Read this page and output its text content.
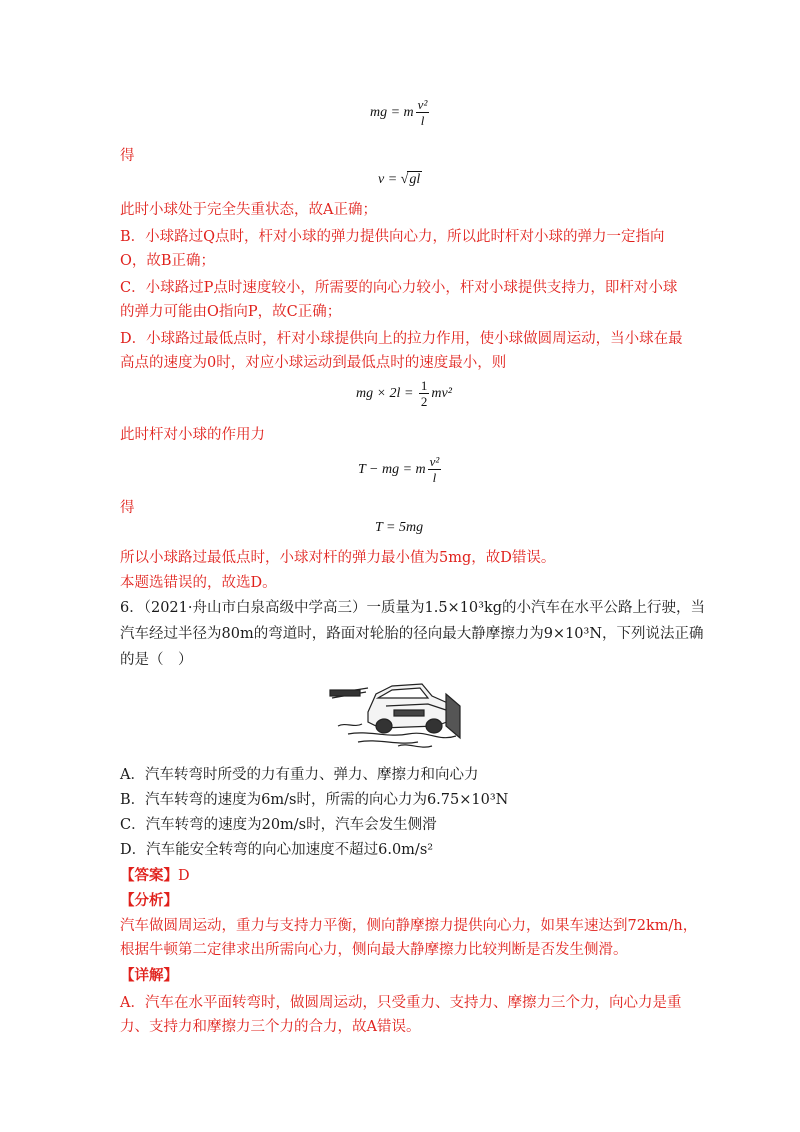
mg = m $\frac{\text{v²}}{l}$
得
v = √gl
此时小球处于完全失重状态，故A正确；
B．小球路过Q点时，杆对小球的弹力提供向心力，所以此时杆对小球的弹力一定指向
O，故B正确；
C．小球路过P点时速度较小，所需要的向心力较小，杆对小球提供支持力，即杆对小球
的弹力可能由O指向P，故C正确；
D．小球路过最低点时，杆对小球提供向上的拉力作用，使小球做圆周运动，当小球在最
高点的速度为0时，对应小球运动到最低点时的速度最小，则
mg × $2l = \frac{1}{2} mv^2$
此时杆对小球的作用力
T − mg = m $\frac{\text{v²}}{l}$
得
T = 5mg
所以小球路过最低点时，小球对杆的弹力最小值为5mg，故D错误。
本题选错误的，故选D。
6．（2021·舟山市白泉高级中学高三）一质量为1.5×10³kg的小汽车在水平公路上行驶，当
汽车经过半径为80m的弯道时，路面对轮胎的径向最大静摩擦力为9×10³N，下列说法正确
的是（　）
A．汽车转弯时所受的力有重力、弹力、摩擦力和向心力
B．汽车转弯的速度为6m/s时，所需的向心力为6.75×10³N
C．汽车转弯的速度为20m/s时，汽车会发生侧滑
D．汽车能安全转弯的向心加速度不超过6.0m/s²
【答案】D
【分析】
汽车做圆周运动，重力与支持力平衡，侧向静摩擦力提供向心力，如果车速达到72km/h，
根据牛顿第二定律求出所需向心力，侧向最大静摩擦力比较判断是否发生侧滑。
【详解】
A．汽车在水平面转弯时，做圆周运动，只受重力、支持力、摩擦力三个力，向心力是重
力、支持力和摩擦力三个力的合力，故A错误。
